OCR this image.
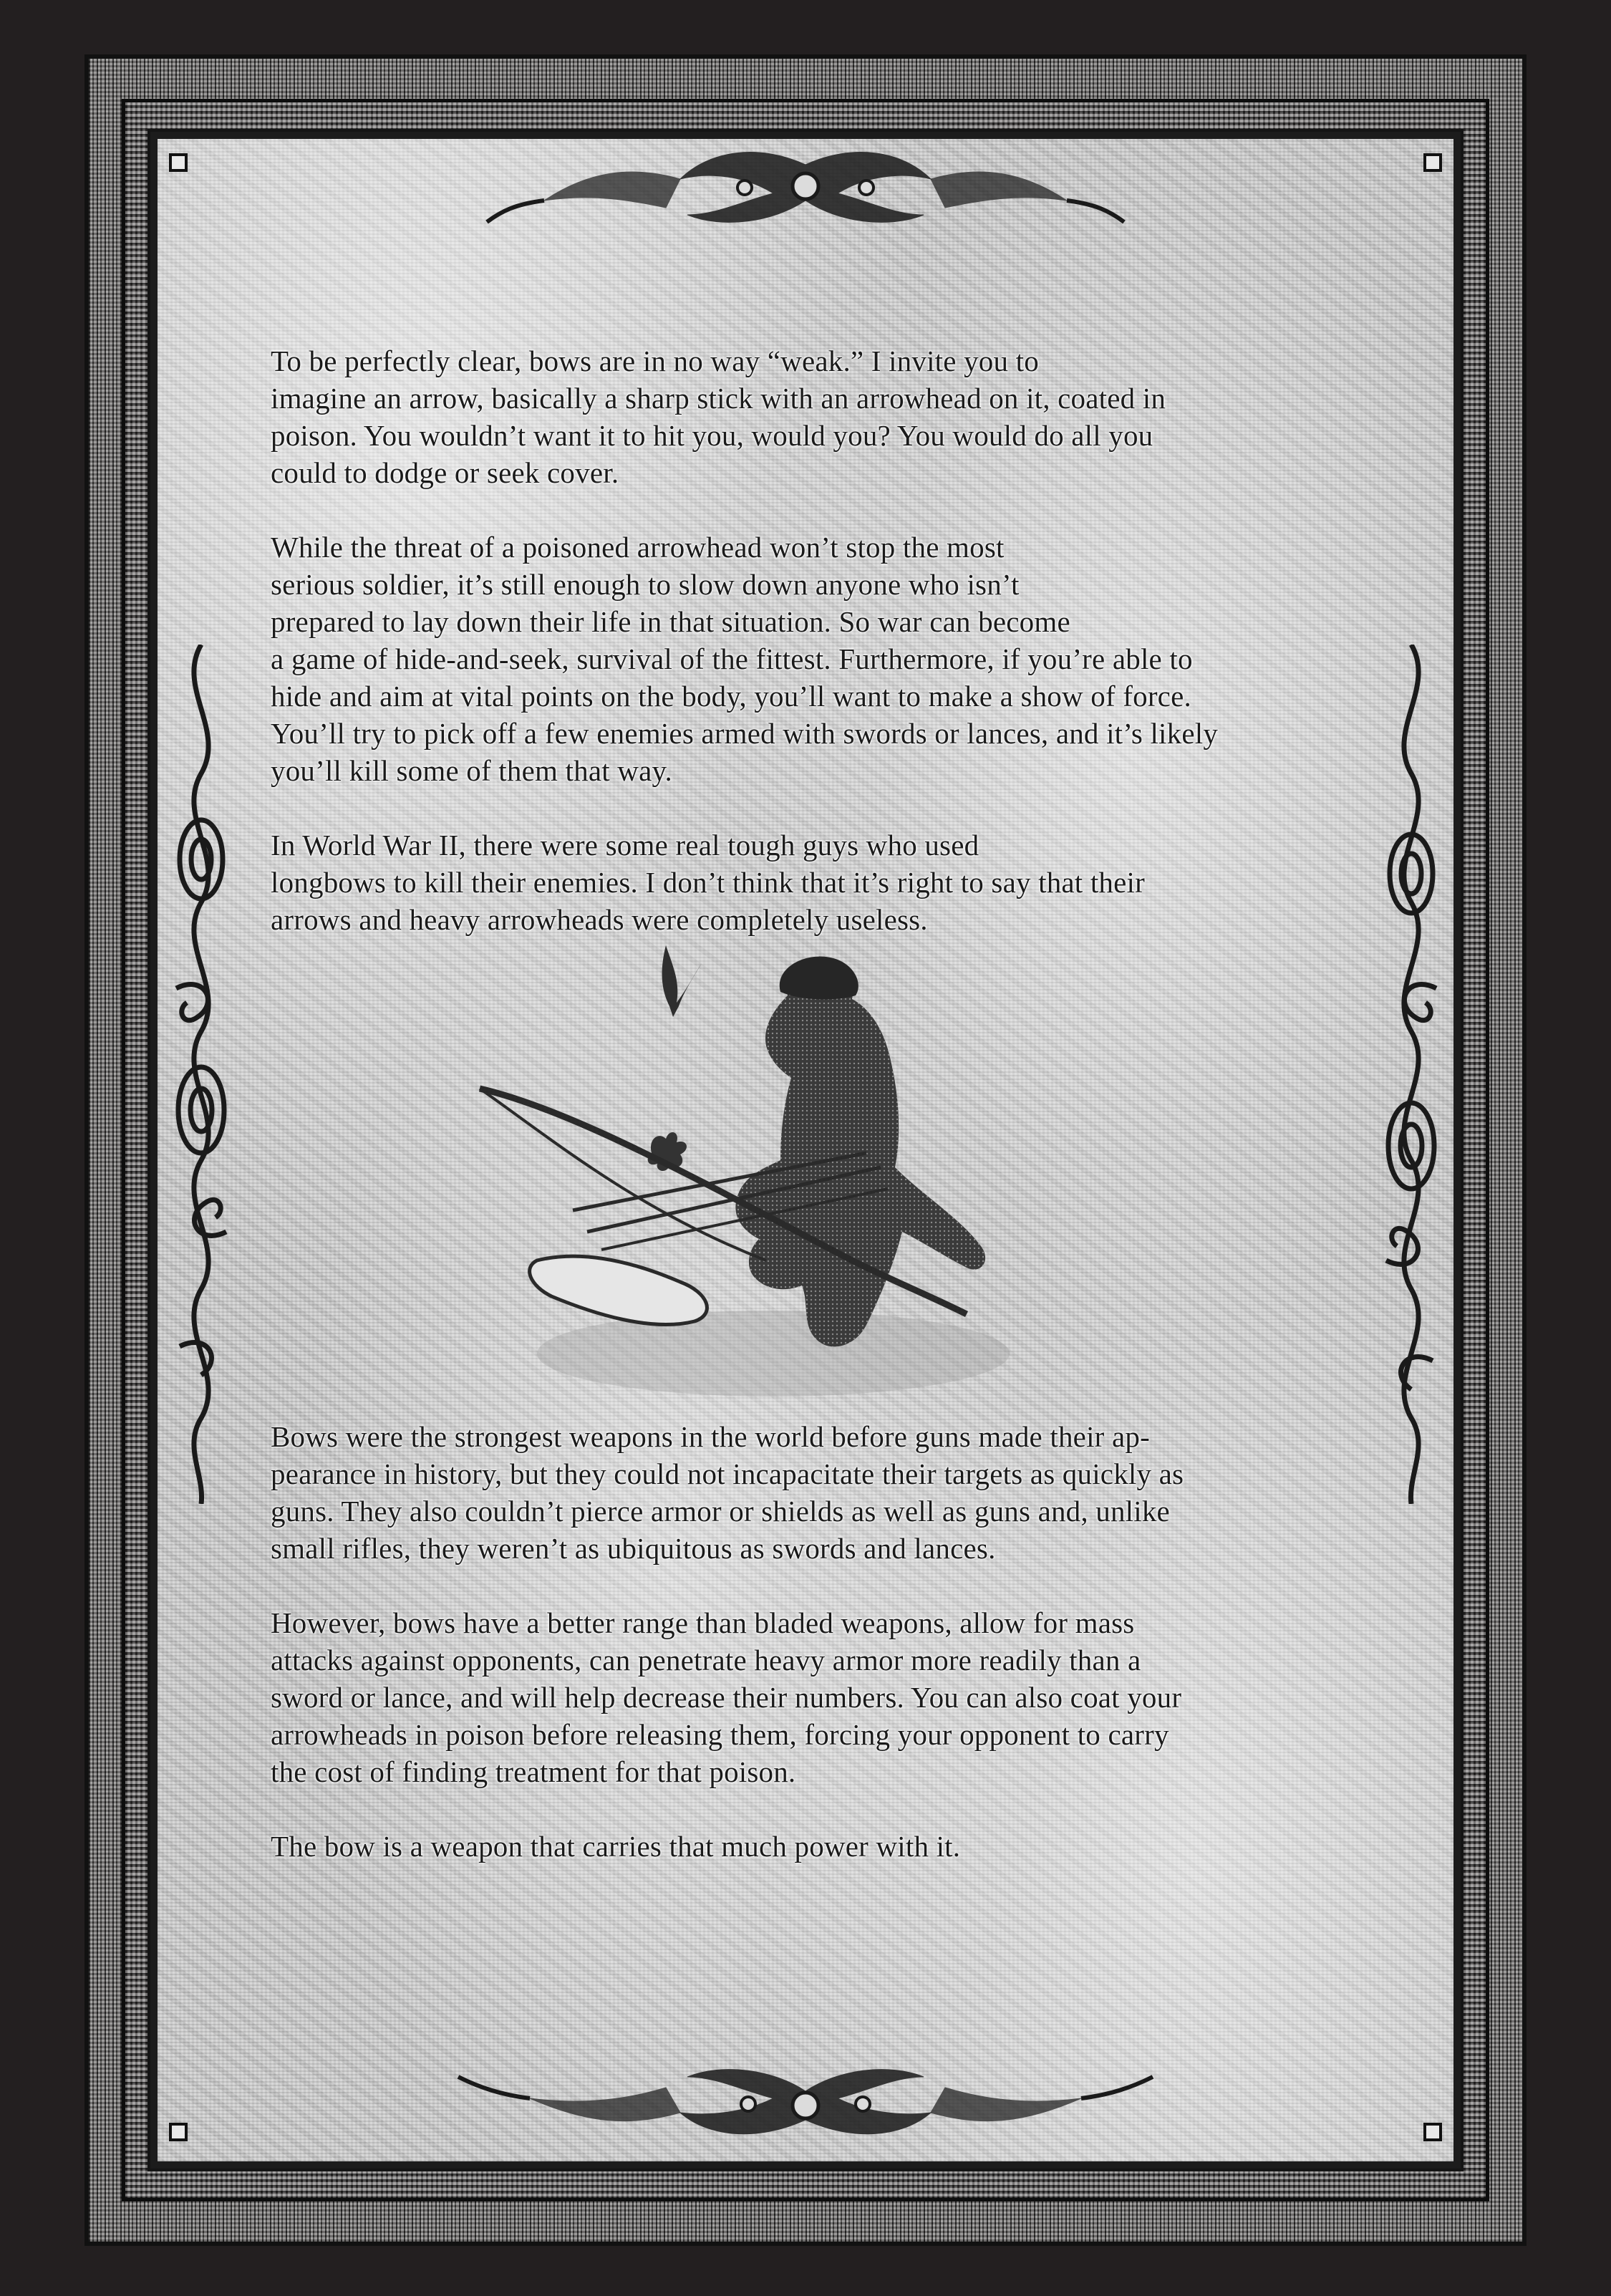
To be perfectly clear, bows are in no way “weak.” I invite you to
imagine an arrow, basically a sharp stick with an arrowhead on it, coated in
poison. You wouldn’t want it to hit you, would you? You would do all you
could to dodge or seek cover.

While the threat of a poisoned arrowhead won’t stop the most
serious soldier, it’s still enough to slow down anyone who isn’t
prepared to lay down their life in that situation. So war can become
a game of hide-and-seek, survival of the fittest. Furthermore, if you’re able to
hide and aim at vital points on the body, you’ll want to make a show of force.
You’ll try to pick off a few enemies armed with swords or lances, and it’s likely
you’ll kill some of them that way.

In World War II, there were some real tough guys who used
longbows to kill their enemies. I don’t think that it’s right to say that their
arrows and heavy arrowheads were completely useless.

Bows were the strongest weapons in the world before guns made their ap-
pearance in history, but they could not incapacitate their targets as quickly as
guns. They also couldn’t pierce armor or shields as well as guns and, unlike
small rifles, they weren’t as ubiquitous as swords and lances.

However, bows have a better range than bladed weapons, allow for mass
attacks against opponents, can penetrate heavy armor more readily than a
sword or lance, and will help decrease their numbers. You can also coat your
arrowheads in poison before releasing them, forcing your opponent to carry
the cost of finding treatment for that poison.

The bow is a weapon that carries that much power with it.
